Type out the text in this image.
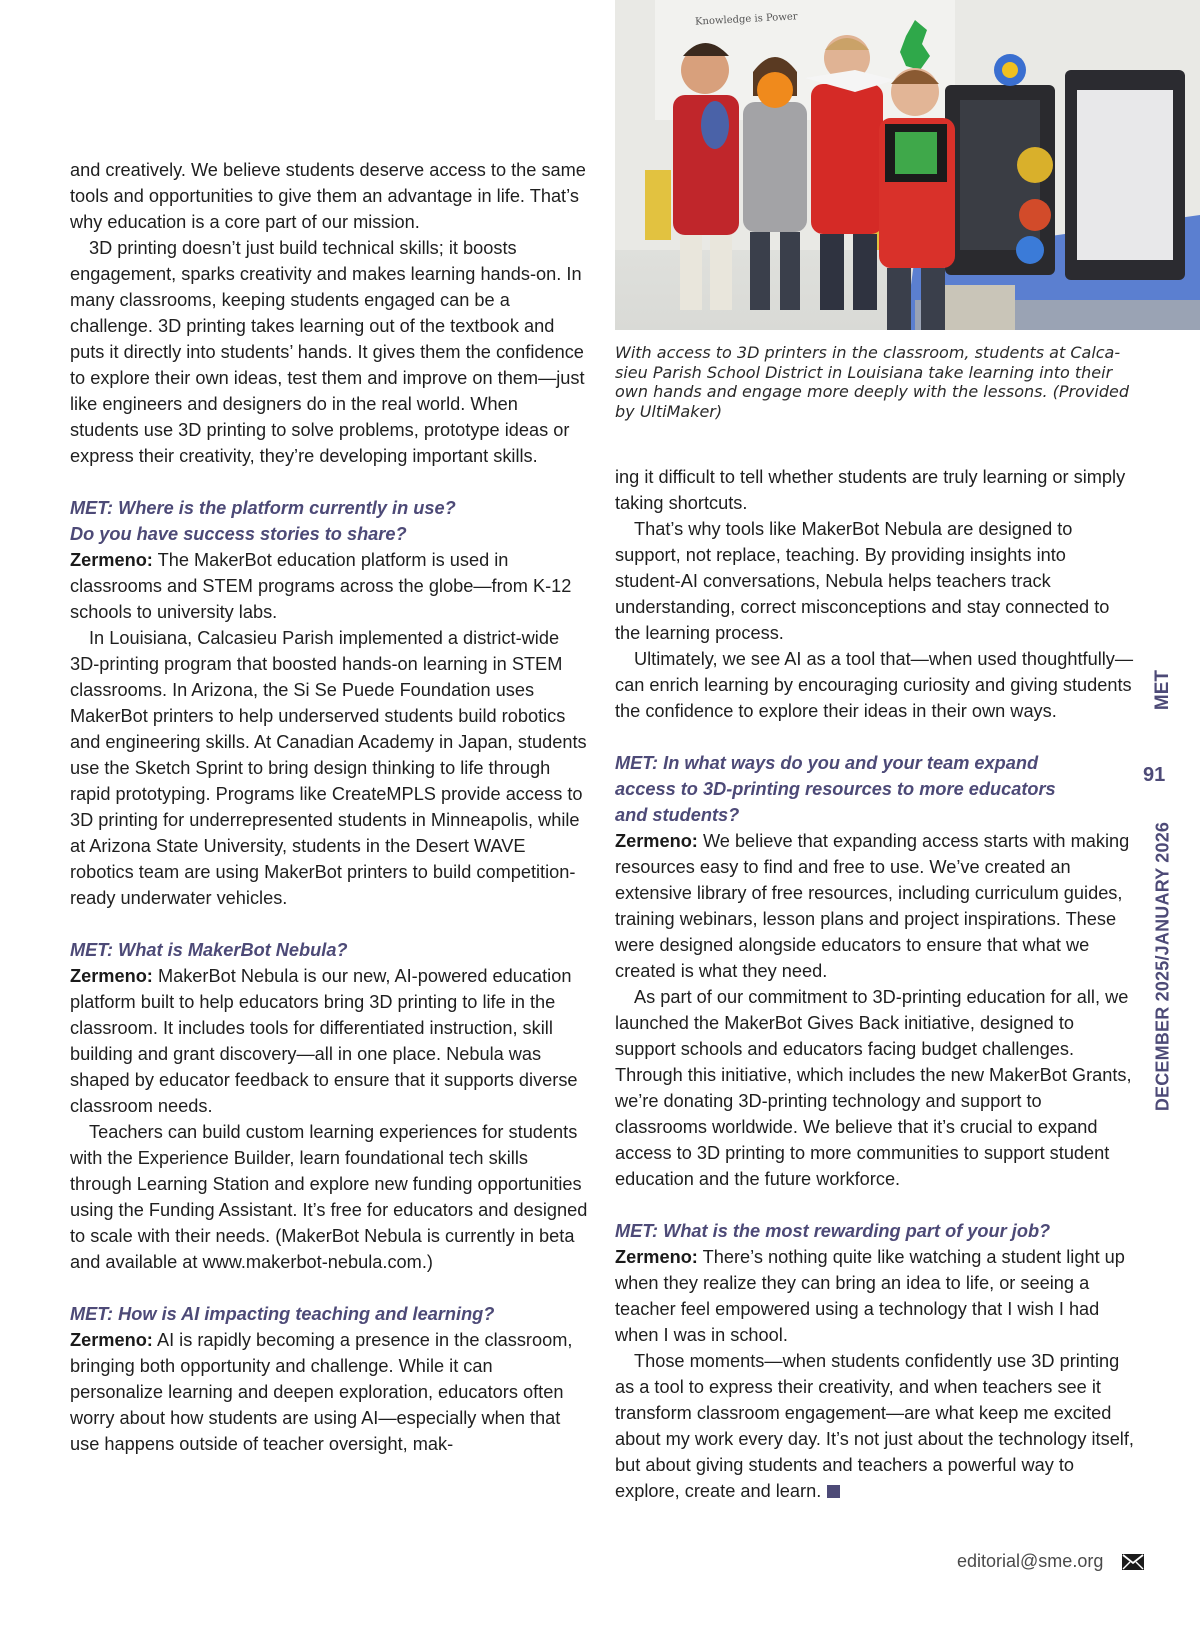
Knowledge is Power
With access to 3D printers in the classroom, students at Calca-
sieu Parish School District in Louisiana take learning into their
own hands and engage more deeply with the lessons. (Provided
by UltiMaker)

and creatively. We believe students deserve access to the same tools and opportunities to give them an advantage in life. That’s why education is a core part of our mission.

3D printing doesn’t just build technical skills; it boosts engagement, sparks creativity and makes learning hands-on. In many classrooms, keeping students engaged can be a challenge. 3D printing takes learning out of the textbook and puts it directly into students’ hands. It gives them the confidence to explore their own ideas, test them and improve on them—just like engineers and designers do in the real world. When students use 3D printing to solve problems, prototype ideas or express their creativity, they’re developing important skills.

MET: Where is the platform currently in use?
Do you have success stories to share?

Zermeno: The MakerBot education platform is used in classrooms and STEM programs across the globe—from K-12 schools to university labs.

In Louisiana, Calcasieu Parish implemented a district-wide 3D-printing program that boosted hands-on learning in STEM classrooms. In Arizona, the Si Se Puede Foundation uses MakerBot printers to help underserved students build robotics and engineering skills. At Canadian Academy in Japan, students use the Sketch Sprint to bring design thinking to life through rapid prototyping. Programs like CreateMPLS provide access to 3D printing for underrepresented students in Minneapolis, while at Arizona State University, students in the Desert WAVE robotics team are using MakerBot printers to build competition-ready underwater vehicles.

MET: What is MakerBot Nebula?

Zermeno: MakerBot Nebula is our new, AI-powered education platform built to help educators bring 3D printing to life in the classroom. It includes tools for differentiated instruction, skill building and grant discovery—all in one place. Nebula was shaped by educator feedback to ensure that it supports diverse classroom needs.

Teachers can build custom learning experiences for students with the Experience Builder, learn foundational tech skills through Learning Station and explore new funding opportunities using the Funding Assistant. It’s free for educators and designed to scale with their needs. (MakerBot Nebula is currently in beta and available at www.makerbot-nebula.com.)

MET: How is AI impacting teaching and learning?

Zermeno: AI is rapidly becoming a presence in the classroom, bringing both opportunity and challenge. While it can personalize learning and deepen exploration, educators often worry about how students are using AI—especially when that use happens outside of teacher oversight, mak-

ing it difficult to tell whether students are truly learning or simply taking shortcuts.

That’s why tools like MakerBot Nebula are designed to support, not replace, teaching. By providing insights into student-AI conversations, Nebula helps teachers track understanding, correct misconceptions and stay connected to the learning process.

Ultimately, we see AI as a tool that—when used thoughtfully—can enrich learning by encouraging curiosity and giving students the confidence to explore their ideas in their own ways.

MET: In what ways do you and your team expand
access to 3D-printing resources to more educators
and students?

Zermeno: We believe that expanding access starts with making resources easy to find and free to use. We’ve created an extensive library of free resources, including curriculum guides, training webinars, lesson plans and project inspirations. These were designed alongside educators to ensure that what we created is what they need.

As part of our commitment to 3D-printing education for all, we launched the MakerBot Gives Back initiative, designed to support schools and educators facing budget challenges. Through this initiative, which includes the new MakerBot Grants, we’re donating 3D-printing technology and support to classrooms worldwide. We believe that it’s crucial to expand access to 3D printing to more communities to support student education and the future workforce.

MET: What is the most rewarding part of your job?

Zermeno: There’s nothing quite like watching a student light up when they realize they can bring an idea to life, or seeing a teacher feel empowered using a technology that I wish I had when I was in school.

Those moments—when students confidently use 3D printing as a tool to express their creativity, and when teachers see it transform classroom engagement—are what keep me excited about my work every day. It’s not just about the technology itself, but about giving students and teachers a powerful way to explore, create and learn.

MET
91
DECEMBER 2025/JANUARY 2026
editorial@sme.org
